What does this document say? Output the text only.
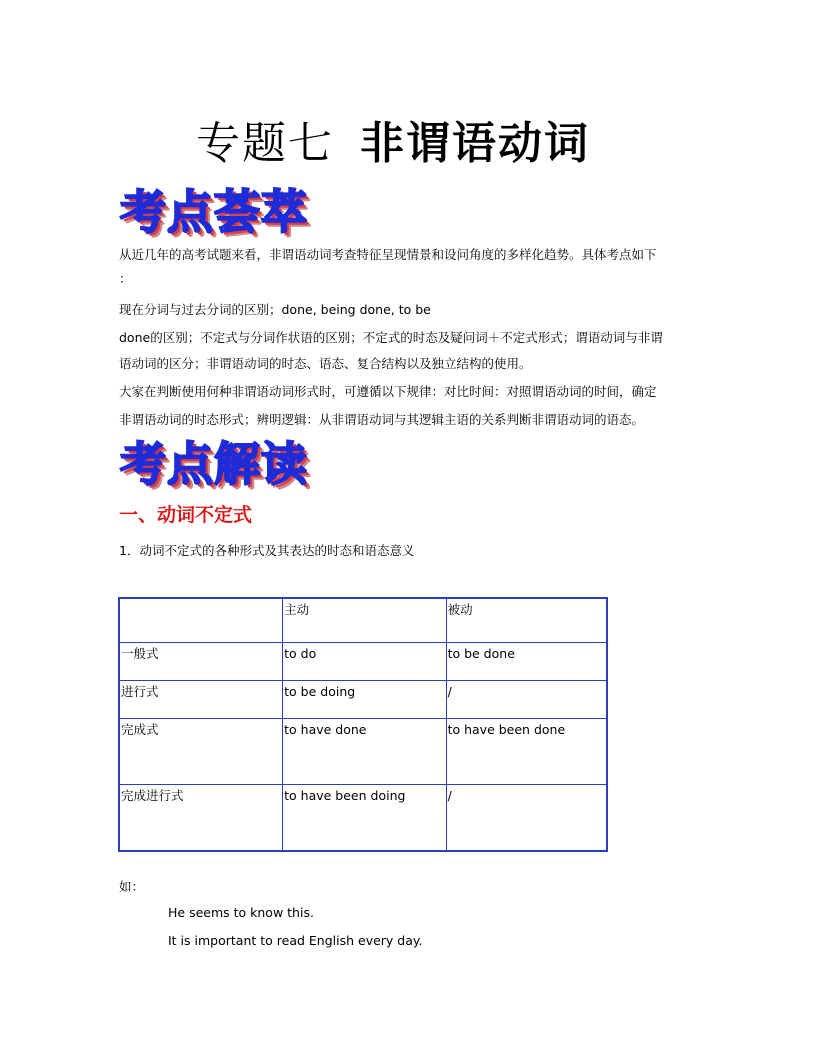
专题七 非谓语动词
考点荟萃
从近几年的高考试题来看，非谓语动词考查特征呈现情景和设问角度的多样化趋势。具体考点如下
：
现在分词与过去分词的区别；done, being done, to be
done的区别；不定式与分词作状语的区别；不定式的时态及疑问词＋不定式形式；谓语动词与非谓
语动词的区分；非谓语动词的时态、语态、复合结构以及独立结构的使用。
大家在判断使用何种非谓语动词形式时，可遵循以下规律：对比时间：对照谓语动词的时间，确定
非谓语动词的时态形式；辨明逻辑：从非谓语动词与其逻辑主语的关系判断非谓语动词的语态。
考点解读
一、动词不定式
1．动词不定式的各种形式及其表达的时态和语态意义
	主动	被动
一般式	to do	to be done
进行式	to be doing	/
完成式	to have done	to have been done
完成进行式	to have been doing	/
如：
He seems to know this.
It is important to read English every day.
